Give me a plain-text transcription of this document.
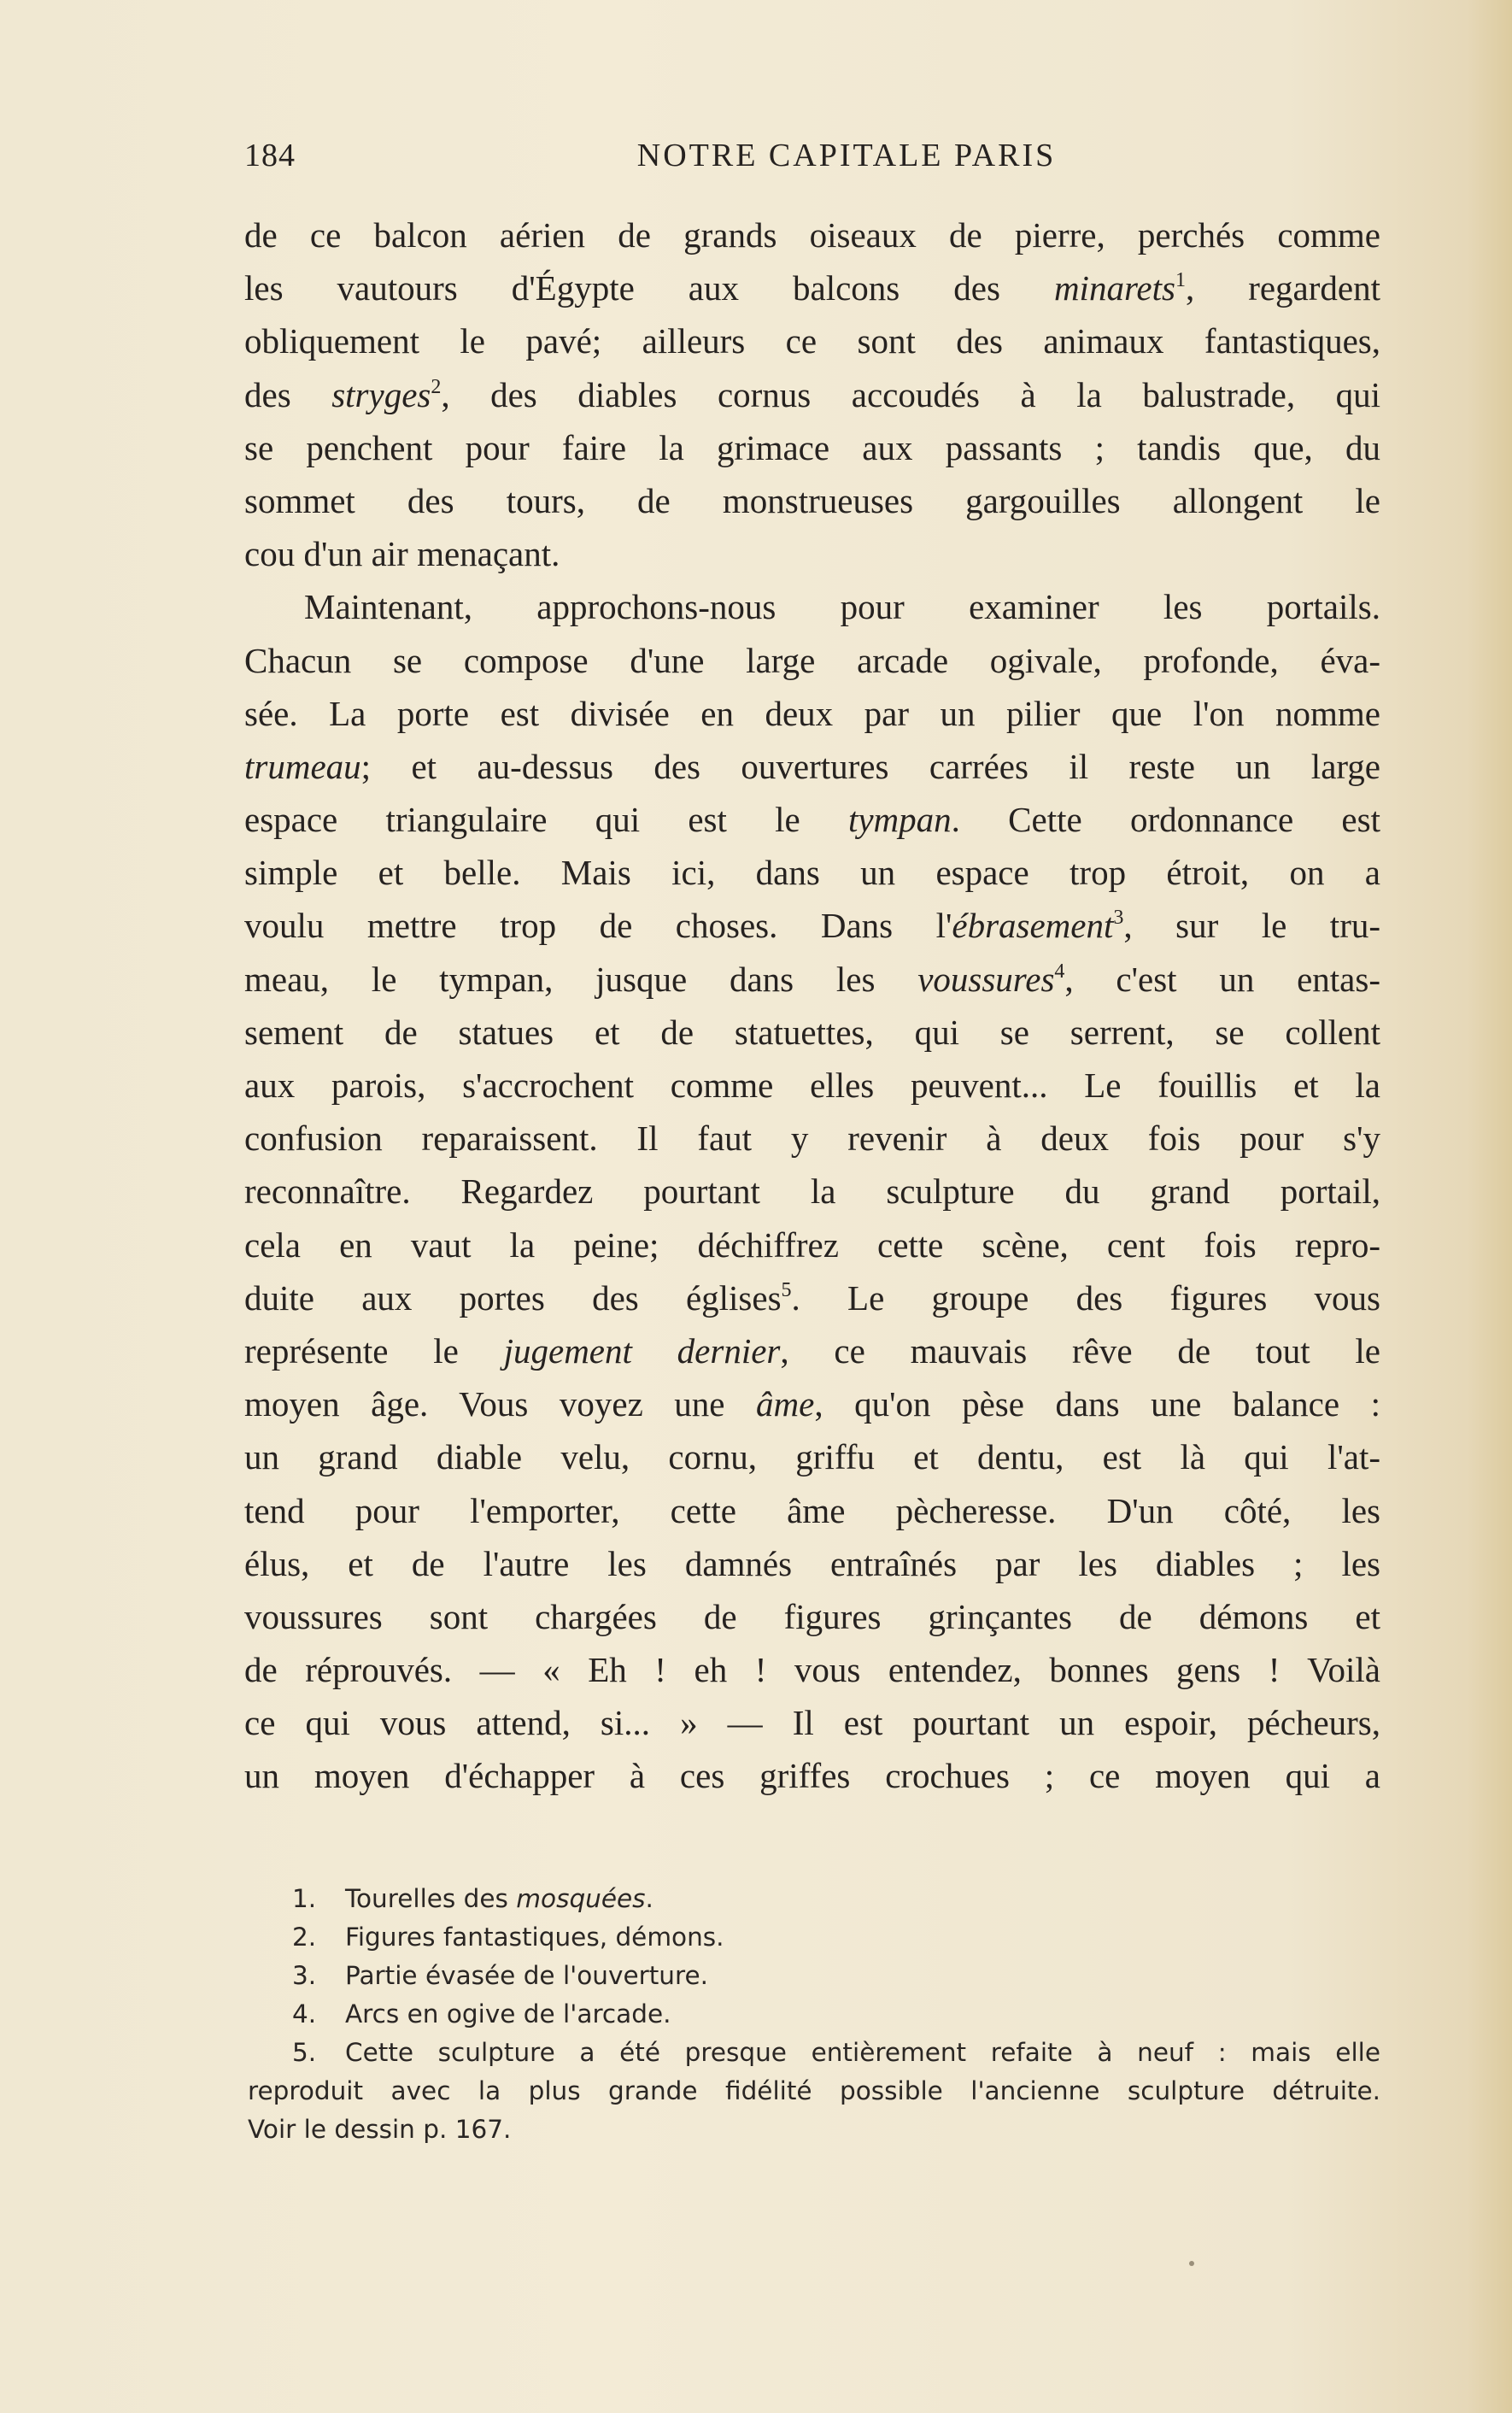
184	NOTRE CAPITALE PARIS
de ce balcon aérien de grands oiseaux de pierre, perchés comme
les vautours d'Égypte aux balcons des minarets$^1$, regardent
obliquement le pavé; ailleurs ce sont des animaux fantastiques,
des stryges$^2$, des diables cornus accoudés à la balustrade, qui
se penchent pour faire la grimace aux passants ; tandis que, du
sommet des tours, de monstrueuses gargouilles allongent le
cou d'un air menaçant.
Maintenant, approchons-nous pour examiner les portails.
Chacun se compose d'une large arcade ogivale, profonde, éva-
sée. La porte est divisée en deux par un pilier que l'on nomme
trumeau; et au-dessus des ouvertures carrées il reste un large
espace triangulaire qui est le tympan. Cette ordonnance est
simple et belle. Mais ici, dans un espace trop étroit, on a
voulu mettre trop de choses. Dans l'ébrasement$^3$, sur le tru-
meau, le tympan, jusque dans les voussures$^4$, c'est un entas-
sement de statues et de statuettes, qui se serrent, se collent
aux parois, s'accrochent comme elles peuvent... Le fouillis et la
confusion reparaissent. Il faut y revenir à deux fois pour s'y
reconnaître. Regardez pourtant la sculpture du grand portail,
cela en vaut la peine; déchiffrez cette scène, cent fois repro-
duite aux portes des églises$^5$. Le groupe des figures vous
représente le jugement dernier, ce mauvais rêve de tout le
moyen âge. Vous voyez une âme, qu'on pèse dans une balance :
un grand diable velu, cornu, griffu et dentu, est là qui l'at-
tend pour l'emporter, cette âme pècheresse. D'un côté, les
élus, et de l'autre les damnés entraînés par les diables ; les
voussures sont chargées de figures grinçantes de démons et
de réprouvés. — « Eh ! eh ! vous entendez, bonnes gens ! Voilà
ce qui vous attend, si... » — Il est pourtant un espoir, pécheurs,
un moyen d'échapper à ces griffes crochues ; ce moyen qui a
1. Tourelles des mosquées.
2. Figures fantastiques, démons.
3. Partie évasée de l'ouverture.
4. Arcs en ogive de l'arcade.
5. Cette sculpture a été presque entièrement refaite à neuf : mais elle
reproduit avec la plus grande fidélité possible l'ancienne sculpture détruite.
Voir le dessin p. 167.
